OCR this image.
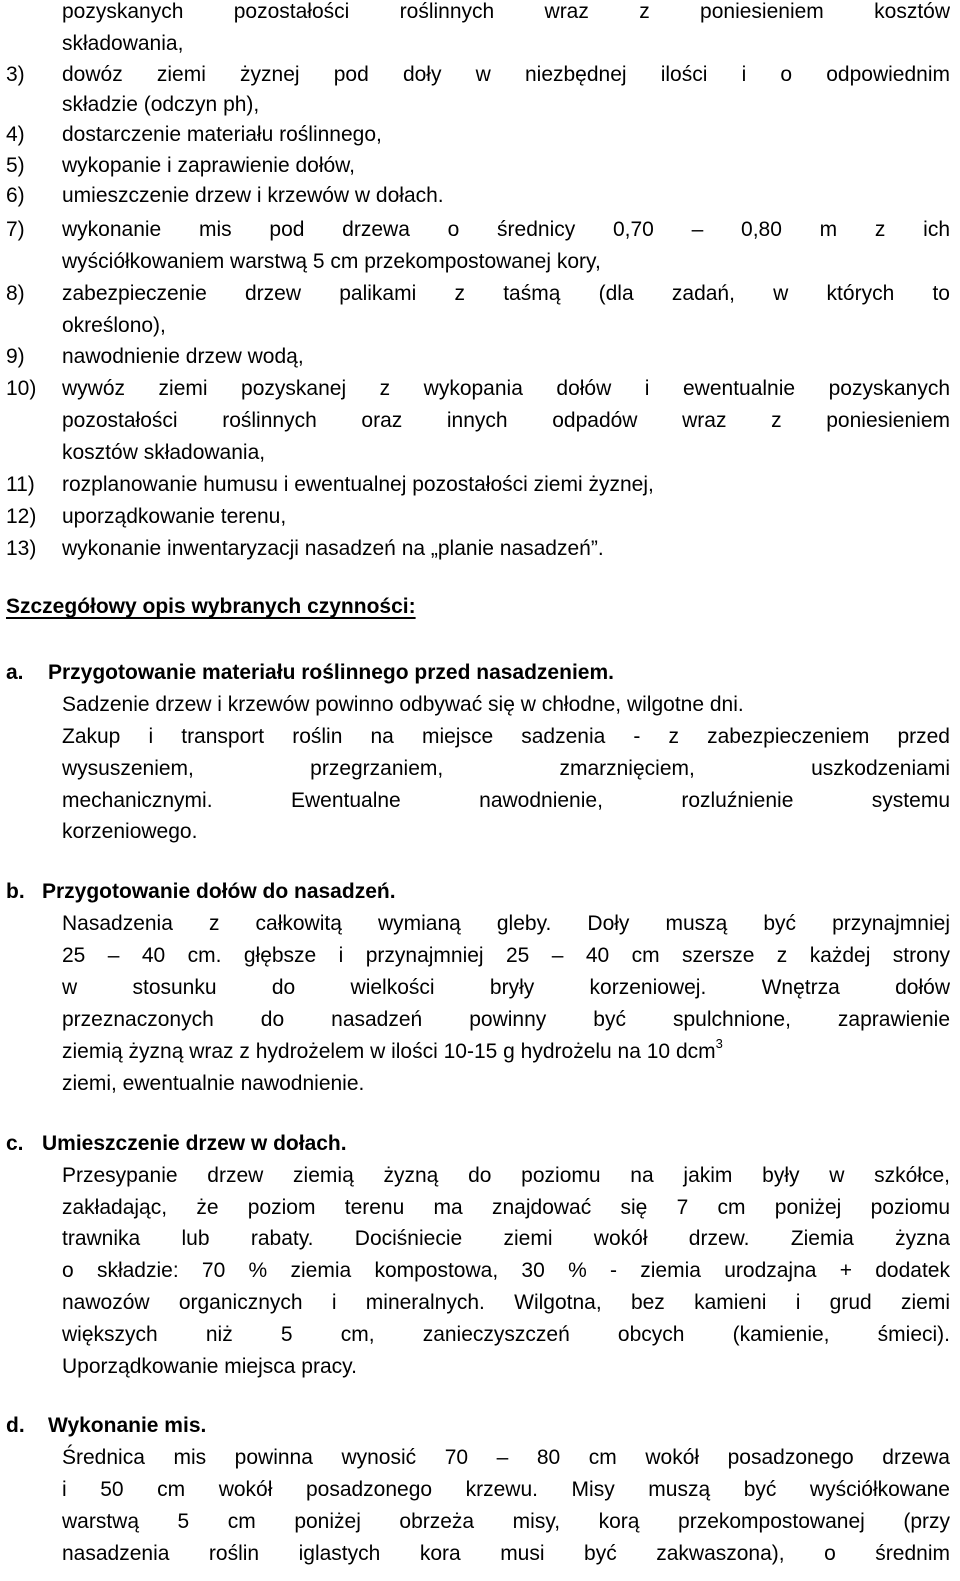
pozyskanych pozostałości roślinnych wraz z poniesieniem kosztów
składowania,
3) dowóz ziemi żyznej pod doły w niezbędnej ilości i o odpowiednim
składzie (odczyn ph),
4) dostarczenie materiału roślinnego,
5) wykopanie i zaprawienie dołów,
6) umieszczenie drzew i krzewów w dołach.
7) wykonanie mis pod drzewa o średnicy 0,70 – 0,80 m z ich
wyściółkowaniem warstwą 5 cm przekompostowanej kory,
8) zabezpieczenie drzew palikami z taśmą (dla zadań, w których to
określono),
9) nawodnienie drzew wodą,
10) wywóz ziemi pozyskanej z wykopania dołów i ewentualnie pozyskanych
pozostałości roślinnych oraz innych odpadów wraz z poniesieniem
kosztów składowania,
11) rozplanowanie humusu i ewentualnej pozostałości ziemi żyznej,
12) uporządkowanie terenu,
13) wykonanie inwentaryzacji nasadzeń na „planie nasadzeń”.
Szczegółowy opis wybranych czynności:
a. Przygotowanie materiału roślinnego przed nasadzeniem.
Sadzenie drzew i krzewów powinno odbywać się w chłodne, wilgotne dni.
Zakup i transport roślin na miejsce sadzenia - z zabezpieczeniem przed
wysuszeniem, przegrzaniem, zmarznięciem, uszkodzeniami
mechanicznymi. Ewentualne nawodnienie, rozluźnienie systemu
korzeniowego.
b. Przygotowanie dołów do nasadzeń.
Nasadzenia z całkowitą wymianą gleby. Doły muszą być przynajmniej
25 – 40 cm. głębsze i przynajmniej 25 – 40 cm szersze z każdej strony
w stosunku do wielkości bryły korzeniowej. Wnętrza dołów
przeznaczonych do nasadzeń powinny być spulchnione, zaprawienie
ziemią żyzną wraz z hydrożelem w ilości 10-15 g hydrożelu na 10 dcm$^3$
ziemi, ewentualnie nawodnienie.
c. Umieszczenie drzew w dołach.
Przesypanie drzew ziemią żyzną do poziomu na jakim były w szkółce,
zakładając, że poziom terenu ma znajdować się 7 cm poniżej poziomu
trawnika lub rabaty. Dociśniecie ziemi wokół drzew. Ziemia żyzna
o składzie: 70 % ziemia kompostowa, 30 % - ziemia urodzajna + dodatek
nawozów organicznych i mineralnych. Wilgotna, bez kamieni i grud ziemi
większych niż 5 cm, zanieczyszczeń obcych (kamienie, śmieci).
Uporządkowanie miejsca pracy.
d. Wykonanie mis.
Średnica mis powinna wynosić 70 – 80 cm wokół posadzonego drzewa
i 50 cm wokół posadzonego krzewu. Misy muszą być wyściółkowane
warstwą 5 cm poniżej obrzeża misy, korą przekompostowanej (przy
nasadzenia roślin iglastych kora musi być zakwaszona), o średnim
